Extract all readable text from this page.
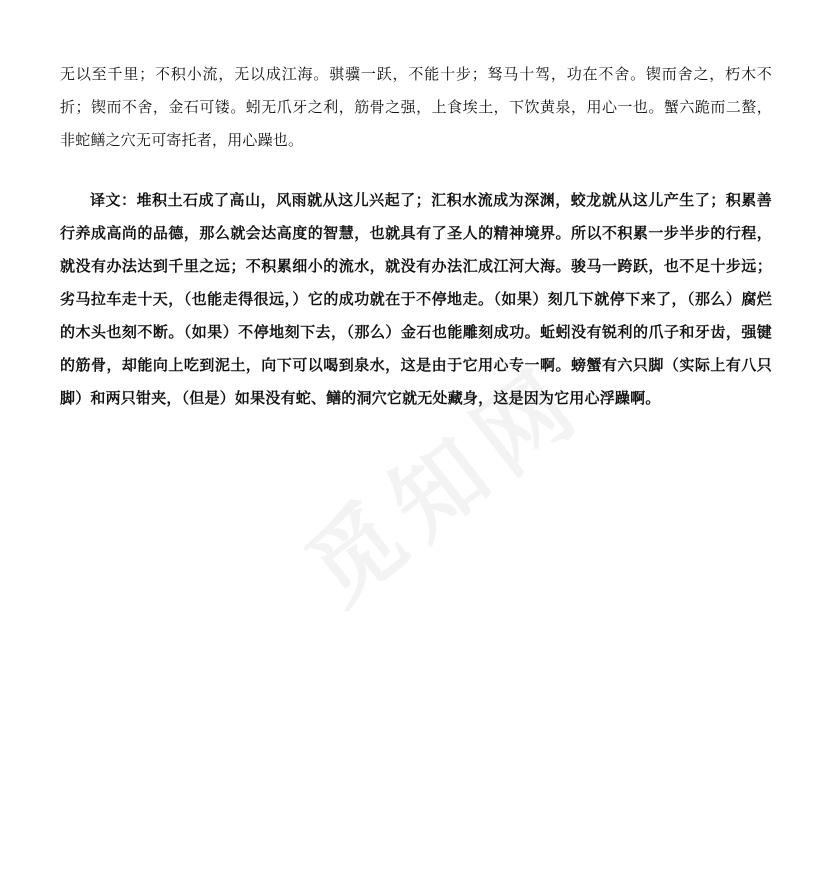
无以至千里；不积小流，无以成江海。骐骥一跃，不能十步；驽马十驾，功在不舍。锲而舍之，朽木不折；锲而不舍，金石可镂。蚓无爪牙之利，筋骨之强，上食埃土，下饮黄泉，用心一也。蟹六跪而二螯，非蛇鳝之穴无可寄托者，用心躁也。

译文：堆积土石成了高山，风雨就从这儿兴起了；汇积水流成为深渊，蛟龙就从这儿产生了；积累善行养成高尚的品德，那么就会达高度的智慧，也就具有了圣人的精神境界。所以不积累一步半步的行程，就没有办法达到千里之远；不积累细小的流水，就没有办法汇成江河大海。骏马一跨跃，也不足十步远；劣马拉车走十天，（也能走得很远，）它的成功就在于不停地走。（如果）刻几下就停下来了，（那么）腐烂的木头也刻不断。（如果）不停地刻下去，（那么）金石也能雕刻成功。蚯蚓没有锐利的爪子和牙齿，强键的筋骨，却能向上吃到泥土，向下可以喝到泉水，这是由于它用心专一啊。螃蟹有六只脚（实际上有八只脚）和两只钳夹，（但是）如果没有蛇、鳝的洞穴它就无处藏身，这是因为它用心浮躁啊。
